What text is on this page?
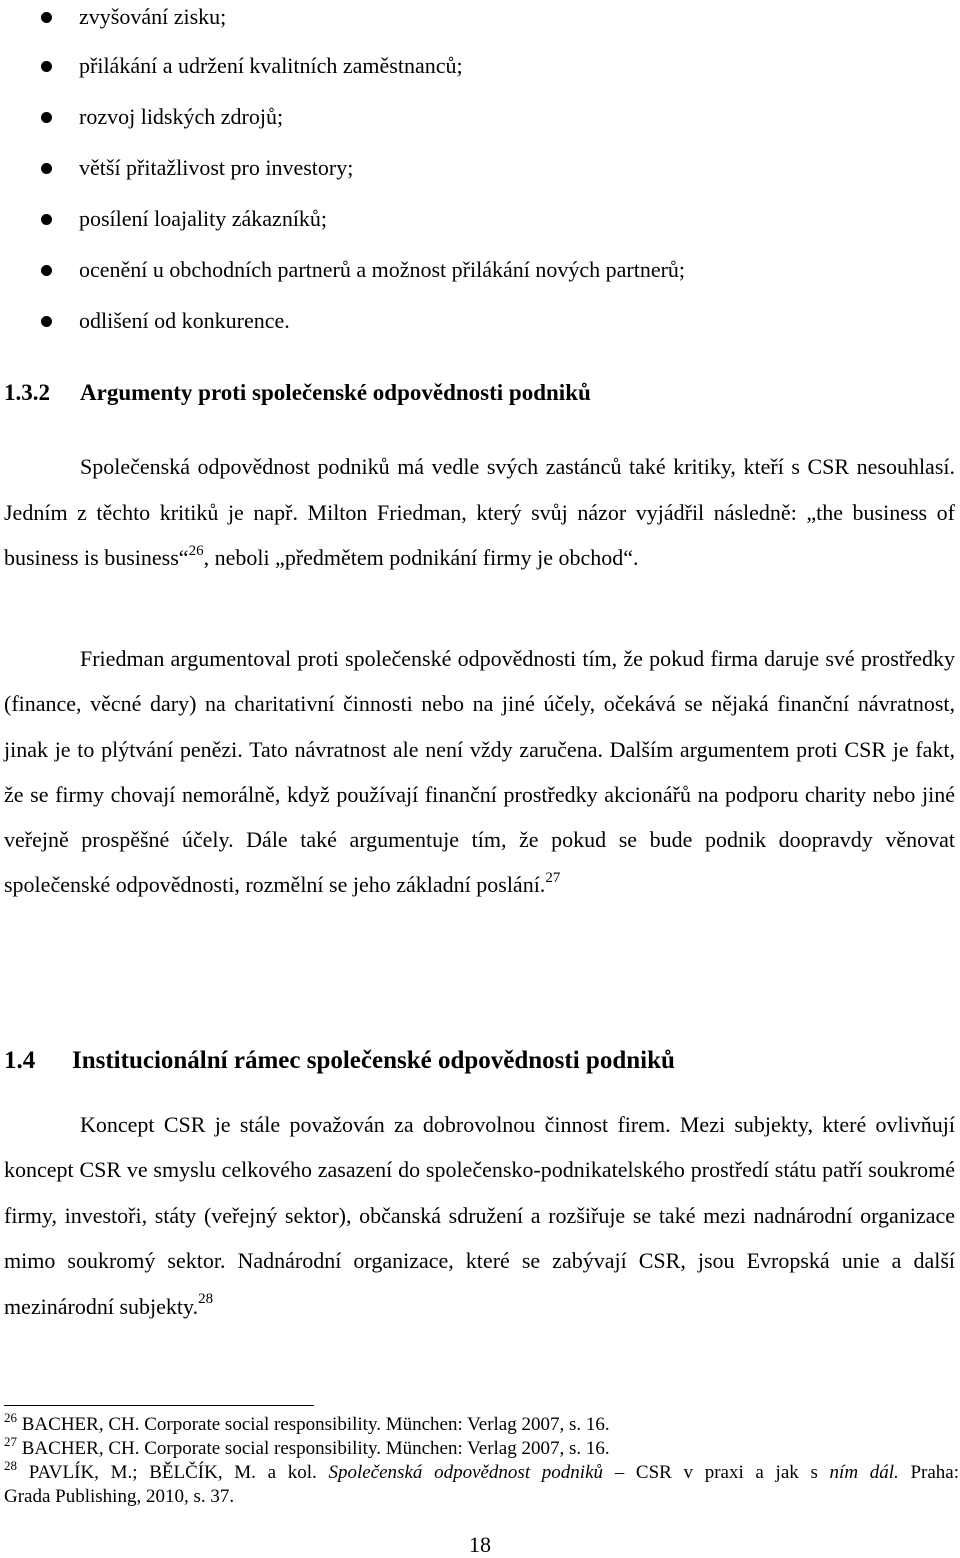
zvyšování zisku;
přilákání a udržení kvalitních zaměstnanců;
rozvoj lidských zdrojů;
větší přitažlivost pro investory;
posílení loajality zákazníků;
ocenění u obchodních partnerů a možnost přilákání nových partnerů;
odlišení od konkurence.
1.3.2 Argumenty proti společenské odpovědnosti podniků

Společenská odpovědnost podniků má vedle svých zastánců také kritiky, kteří s CSR nesouhlasí. Jedním z těchto kritiků je např. Milton Friedman, který svůj názor vyjádřil následně: „the business of business is business“$^{26}$, neboli „předmětem podnikání firmy je obchod“.

Friedman argumentoval proti společenské odpovědnosti tím, že pokud firma daruje své prostředky (finance, věcné dary) na charitativní činnosti nebo na jiné účely, očekává se nějaká finanční návratnost, jinak je to plýtvání penězi. Tato návratnost ale není vždy zaručena. Dalším argumentem proti CSR je fakt, že se firmy chovají nemorálně, když používají finanční prostředky akcionářů na podporu charity nebo jiné veřejně prospěšné účely. Dále také argumentuje tím, že pokud se bude podnik doopravdy věnovat společenské odpovědnosti, rozmělní se jeho základní poslání.$^{27}$

1.4 Institucionální rámec společenské odpovědnosti podniků

Koncept CSR je stále považován za dobrovolnou činnost firem. Mezi subjekty, které ovlivňují koncept CSR ve smyslu celkového zasazení do společensko-podnikatelského prostředí státu patří soukromé firmy, investoři, státy (veřejný sektor), občanská sdružení a rozšiřuje se také mezi nadnárodní organizace mimo soukromý sektor. Nadnárodní organizace, které se zabývají CSR, jsou Evropská unie a další mezinárodní subjekty.$^{28}$

$^{26}$ BACHER, CH. Corporate social responsibility. München: Verlag 2007, s. 16.

$^{27}$ BACHER, CH. Corporate social responsibility. München: Verlag 2007, s. 16.

$^{28}$ PAVLÍK, M.; BĚLČÍK, M. a kol. Společenská odpovědnost podniků – CSR v praxi a jak s ním dál. Praha:
Grada Publishing, 2010, s. 37.

18
